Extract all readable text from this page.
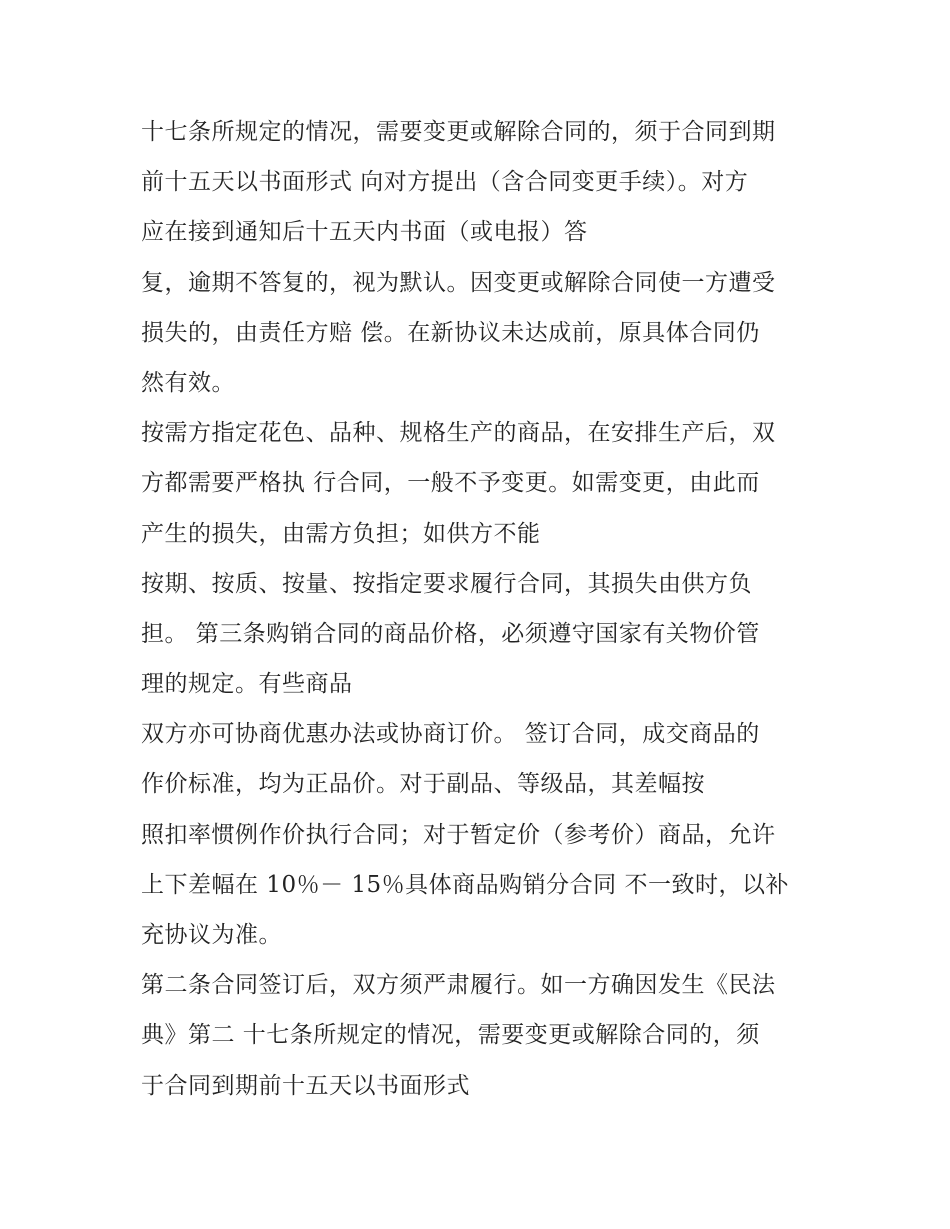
十七条所规定的情况，需要变更或解除合同的，须于合同到期
前十五天以书面形式 向对方提出（含合同变更手续）。对方
应在接到通知后十五天内书面（或电报）答
复，逾期不答复的，视为默认。因变更或解除合同使一方遭受
损失的，由责任方赔 偿。在新协议未达成前，原具体合同仍
然有效。
按需方指定花色、品种、规格生产的商品，在安排生产后，双
方都需要严格执 行合同，一般不予变更。如需变更，由此而
产生的损失，由需方负担；如供方不能
按期、按质、按量、按指定要求履行合同，其损失由供方负
担。 第三条购销合同的商品价格，必须遵守国家有关物价管
理的规定。有些商品
双方亦可协商优惠办法或协商订价。 签订合同，成交商品的
作价标准，均为正品价。对于副品、等级品，其差幅按
照扣率惯例作价执行合同；对于暂定价（参考价）商品，允许
上下差幅在 10％－ 15％具体商品购销分合同 不一致时，以补
充协议为准。
第二条合同签订后，双方须严肃履行。如一方确因发生《民法
典》第二 十七条所规定的情况，需要变更或解除合同的，须
于合同到期前十五天以书面形式
